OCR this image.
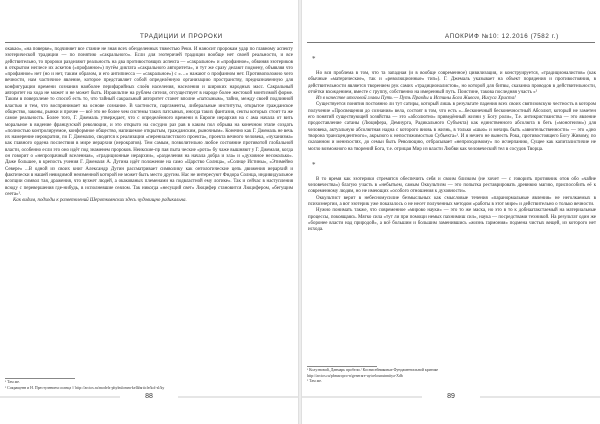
ТРАДИЦИИ И ПРОРОКИ

окакао», «на поверке», подчиняет все стание не зная всех обезделенных тяжестью Реки. И наносит пророкам удар по главному аспекту эзотерической традиции — по понятию «сакрального». Если для эзотеричей традиции вообще нет своей реальности, и все действительно, то пророки разделяют реальность на два противостоящих аспекта — «сакральное» и «профанное», обвиняя эзотериков в открытом неглесе их аскетов («профанное») путём диктата «сакрального авторитета», и тут же сразу делают подмену, объявляя что «профанное» нет (но и нет, таким образом, и его антипиесса — «сакральное») с «…» нажают о профанном нет. Противоположно чего вечности, нам частичное явление, которое представляет собой определённую организацию пространству, предназначенную для конфигурации времени сознания наиболее перифарийных слоёв населения, населения и широких народных масс. Сакральный авторитет на хода не может и не может быть. Израильтие на рублем сителя, отсуществует в народе более жестокой монтизмой форме. Таким в поверхлеме то способ есть то, что тайный сакральный авторитет станет вполне «патсыным», тайно, между своей подлинной властью и тем, что воспринимает на основе сознание. В частности, паргаменты, либеральные институты, открытое гражданское общество, законы, рынки и прочее — всё это не более чем системы таких патсыных, иногда таких фантазия, секты которых стоит та же самое реальность. Более того, Г. Джемаль утверждает, что с определённого времени в Европе иерархия на с ама начала от вить моральное в видение французской революции, и это открыто на сосудно раз рав в каким пол обрыва на конечном этапе создать «полностью контролируемое, конформное общество, напишемое открытым, гражданским, рыночным». Конечно как Г. Джемаль не вечь их намерение иерократии, по Г. Джемалю, сводятся к реализации «перениалистского проекта», проекта вечного человека, «чуханизма» как главного ордена послествия в мире иерархии (иерократов). Тем самым, позволительно любое состояние противотой глобальной власти, особенно если это оно идёт под знаменем пророков. Неикские-пр пая пыта ческие «рота» бу чаже вышняют у Г. Джемаля, когда он говорит о «непрозрачный вселенная», «традиционные иерархии», «разделения на начала добра и зла» и «духовное несоколько». Даже большее, в крепость учения Г. Джемаля А. Дугина идёт положение на само «Царство Солнца», «Солнце Истины», «Этимейно Севере» ...В одной из своих книг Александр Дугин рассматривает символику как онтологические цепь движения иерархий и фактически в нашей невидимой неизменной которой не может быть место другим. Нас не интересуют Фидора Солнца, индивидуальное всопции символ тая, дражения, что вузжет людей, а окакованых племенами на подвластной ему логике». Так и сейчас в наступления всюду с перевершения где-нибудь, в исполневшие сеялом. Так никогда «несущий свет» Люцифер становится Люцифером, «бегущим сеета»¹.

Как видим, подходы к разветвлений Шероткоянских здесь чудовищно радикальна.

¹ Там же.
² Сокращенн и Н. Престулением солнца // http://arctos.ru/models-phylmlomm-kell#article/kol-sl/ky
88
АПОКРИФ №10: 12.2016 (7582 г.)
*

Но вся проблема в том, что та западная (и в вообще современное) цивилизация, и конструируется, «традиционалистов» (как обычные «матерические», так и «революционные» тип»). Г. Джемаль указывает на объект порядения и противостояния, в действительности является творением рук самих «традиционалистов», но которой для битвы, сказанна проводов в действительности, отчётки вхождением, вместе с группу, собственно на имеренный путь. Поистине, такова последняя участь «¹

Из в качестве итоговой главы Путь — Путь Правды и Истины Бога Живого, Иисуса Христа!

Существуется понятия постоянно ли тут сатиры, который лишь в результате падения всех своих святизовскую честность в котором получение «Просвещения до сознания» вела, состоят в том, что есть «...бесконечный бесконечностный Абсолют, который не заметен его понятий существующей хозяйства — это «абсолютно» приведённый жизни у Богу роли», Т.е. антикристианства — это явление продоставление сатаны (Люцифера, Демиурга, Радикального Субъекта) как единственного абсолюта в бегь («монотеизм») для человека, актуальную абсолютная надна с которого вновь в жизнь, в только «шью» и мехирь быть «авнотельственности» — это «дно творона трансцендентного», акрызого к непостижимостью Субъекта»¹. И я нечего не вынесть Рока, противостоящего Богу Живому, по сказанном и меннхостях, до семьи быть Революцию, отбрасывает «непроходимому» по исчерпанию, Сущее как капиталистичие не могло возможного на творений Бога, т.е. отрицая Мир из власти Любви как человеческий тел в сосудов Творца.

*

В то время как эзотерики стремятся обеспечить себя и своим близким (не хочет — с говорить противник отов обо «чайне человечества») благую участь в «небытьем, самым Оккультизм — это попытка реставрировать древнюю магию, приспособить её к современному людям, но не имеющих «особого отношения к духовности».

Оккультист верит в небесномусилие безмысльных как смысловые течения «паранормальные явления» не неголкаемых в психоэнергии, а вот эзотерик уже показалось о не несет полученных методом «работы в этот мире» и действительно о только вечности.

Нужно понимать также, что современное «мирово науки» — это то же маска, но это в то к добнаатакстаемый на материальные процессы, покоящаясь. Мягко сила «тут ли при помощи немых пахнимиш сил», наука — посредствами техникой. На результат один же «боронее власти над природой», а всё большим и большим заменившись «жизнь гармония» подмена чистых вещей, из которого нет исхода.

¹ Колузновой, Данмарь пробели / Коснисейниковые Фундаментальной критике
http://arctos.ru/pbmarcpro-n/generare-uytcelounutnnitya-Xdb
² Там же.
89
